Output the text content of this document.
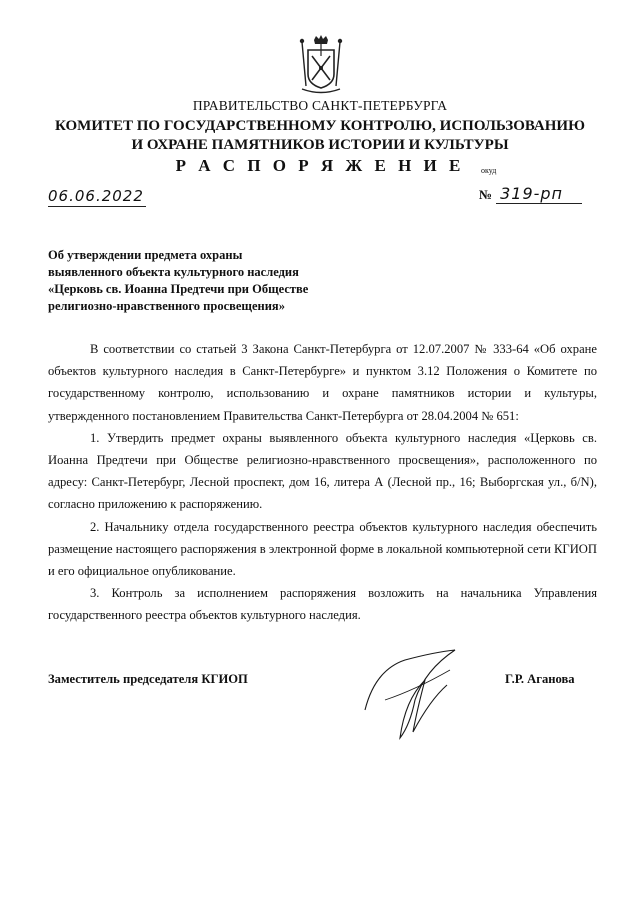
ПРАВИТЕЛЬСТВО САНКТ-ПЕТЕРБУРГА
КОМИТЕТ ПО ГОСУДАРСТВЕННОМУ КОНТРОЛЮ, ИСПОЛЬЗОВАНИЮ
И ОХРАНЕ ПАМЯТНИКОВ ИСТОРИИ И КУЛЬТУРЫ
Р А С П О Р Я Ж Е Н И Е	окуд
06.06.2022	№ 319-рп
Об утверждении предмета охраны
выявленного объекта культурного наследия
«Церковь св. Иоанна Предтечи при Обществе
религиозно-нравственного просвещения»

В соответствии со статьей 3 Закона Санкт-Петербурга от 12.07.2007 № 333-64 «Об охране объектов культурного наследия в Санкт-Петербурге» и пунктом 3.12 Положения о Комитете по государственному контролю, использованию и охране памятников истории и культуры, утвержденного постановлением Правительства Санкт-Петербурга от 28.04.2004 № 651:

1. Утвердить предмет охраны выявленного объекта культурного наследия «Церковь св. Иоанна Предтечи при Обществе религиозно-нравственного просвещения», расположенного по адресу: Санкт-Петербург, Лесной проспект, дом 16, литера А (Лесной пр., 16; Выборгская ул., б/N), согласно приложению к распоряжению.

2. Начальнику отдела государственного реестра объектов культурного наследия обеспечить размещение настоящего распоряжения в электронной форме в локальной компьютерной сети КГИОП и его официальное опубликование.

3. Контроль за исполнением распоряжения возложить на начальника Управления государственного реестра объектов культурного наследия.

Заместитель председателя КГИОП	Г.Р. Аганова
